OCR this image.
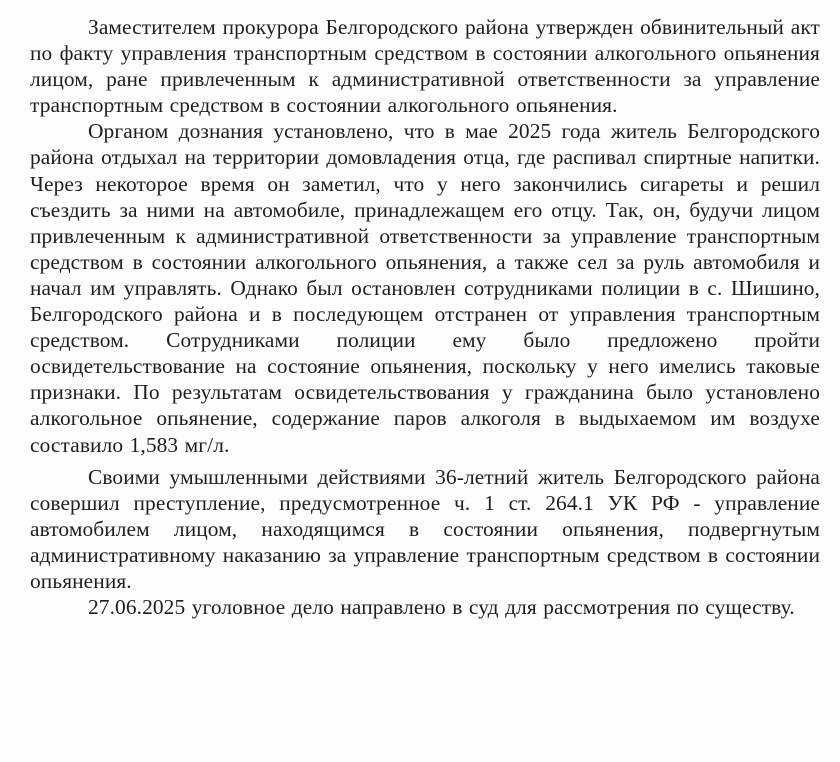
Заместителем прокурора Белгородского района утвержден обвинительный акт по факту управления транспортным средством в состоянии алкогольного опьянения лицом, ране привлеченным к административной ответственности за управление транспортным средством в состоянии алкогольного опьянения.

Органом дознания установлено, что в мае 2025 года житель Белгородского района отдыхал на территории домовладения отца, где распивал спиртные напитки. Через некоторое время он заметил, что у него закончились сигареты и решил съездить за ними на автомобиле, принадлежащем его отцу. Так, он, будучи лицом привлеченным к административной ответственности за управление транспортным средством в состоянии алкогольного опьянения, а также сел за руль автомобиля и начал им управлять. Однако был остановлен сотрудниками полиции в с. Шишино, Белгородского района и в последующем отстранен от управления транспортным средством. Сотрудниками полиции ему было предложено пройти освидетельствование на состояние опьянения, поскольку у него имелись таковые признаки. По результатам освидетельствования у гражданина было установлено алкогольное опьянение, содержание паров алкоголя в выдыхаемом им воздухе составило 1,583 мг/л.

Своими умышленными действиями 36-летний житель Белгородского района совершил преступление, предусмотренное ч. 1 ст. 264.1 УК РФ - управление автомобилем лицом, находящимся в состоянии опьянения, подвергнутым административному наказанию за управление транспортным средством в состоянии опьянения.

27.06.2025 уголовное дело направлено в суд для рассмотрения по существу.
